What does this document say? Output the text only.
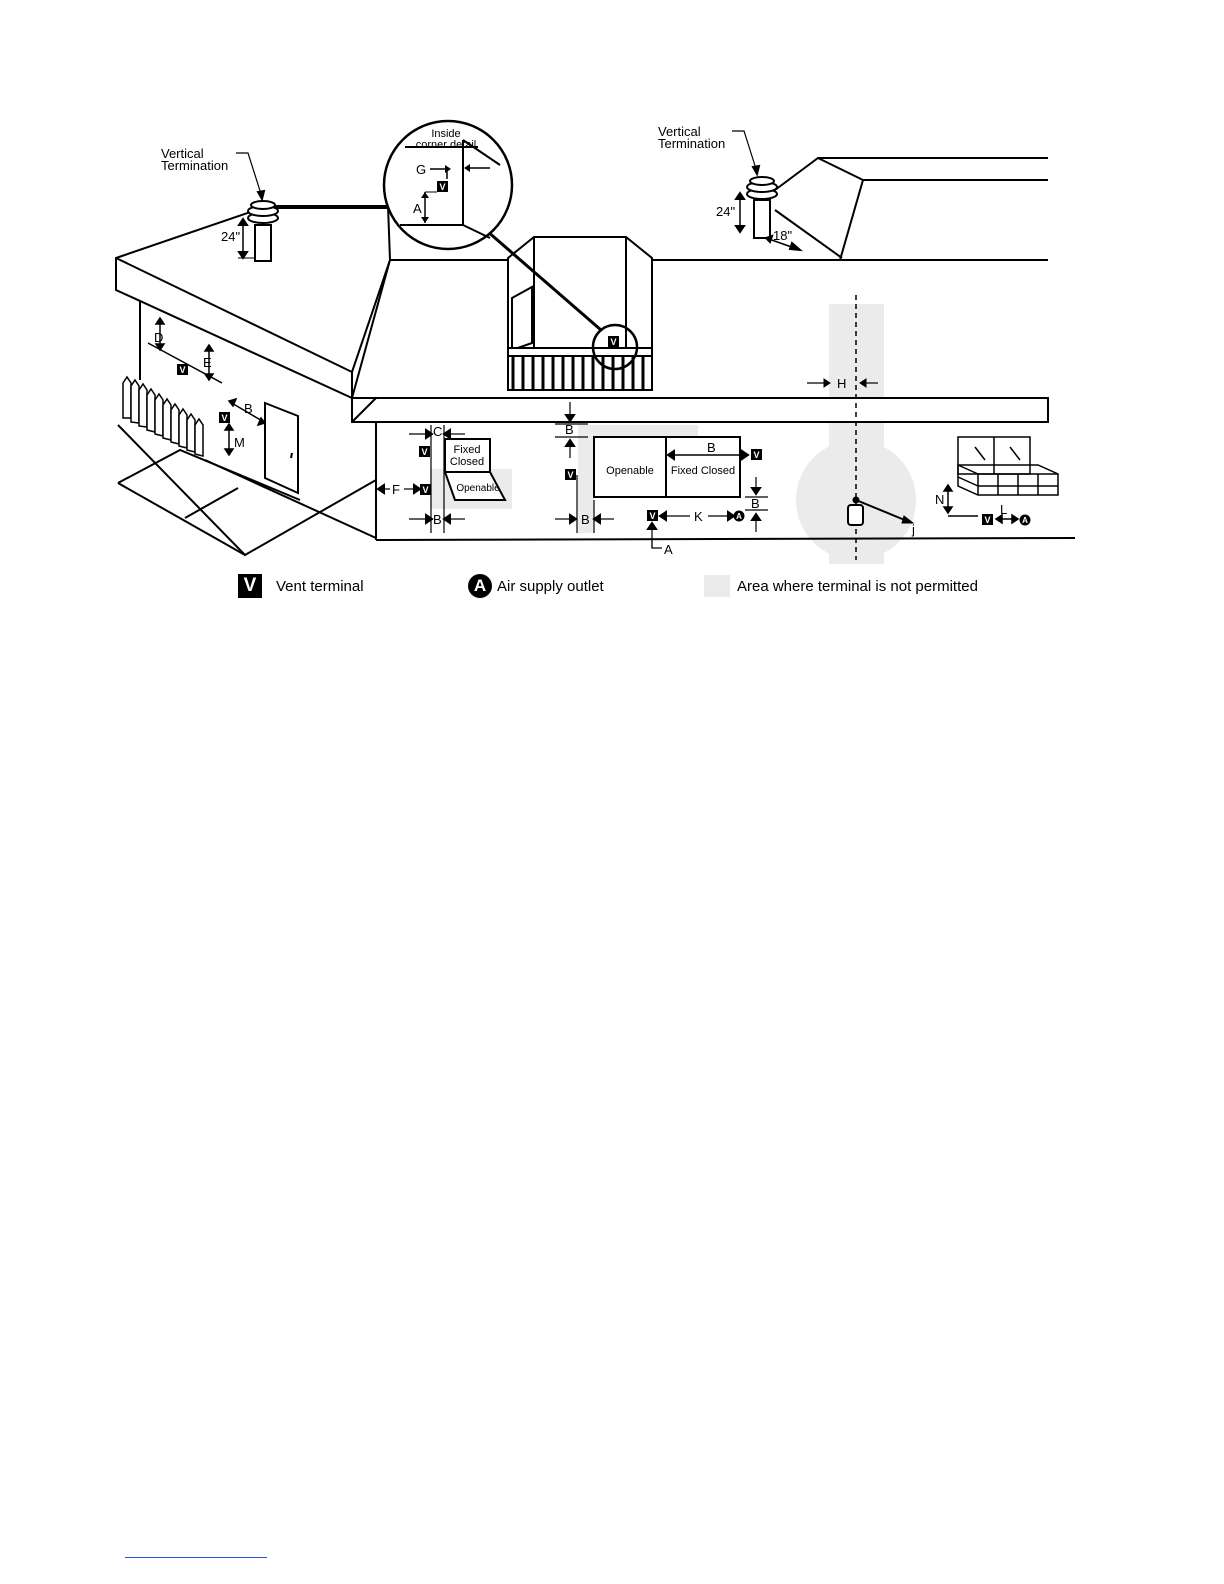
Inside
corner detail
G
V
A
Vertical
Termination
24"
Vertical
Termination
24"
18"
V
V
D
E
B
M	Fixed
Closed
Openable
C
F
B
V
V
B
Openable Fixed Closed
B
B
B	K
A
V
V
V	A
H
j
N
L
V	A
V
V	Vent terminal	A Air supply outlet	Area where terminal is not permitted
